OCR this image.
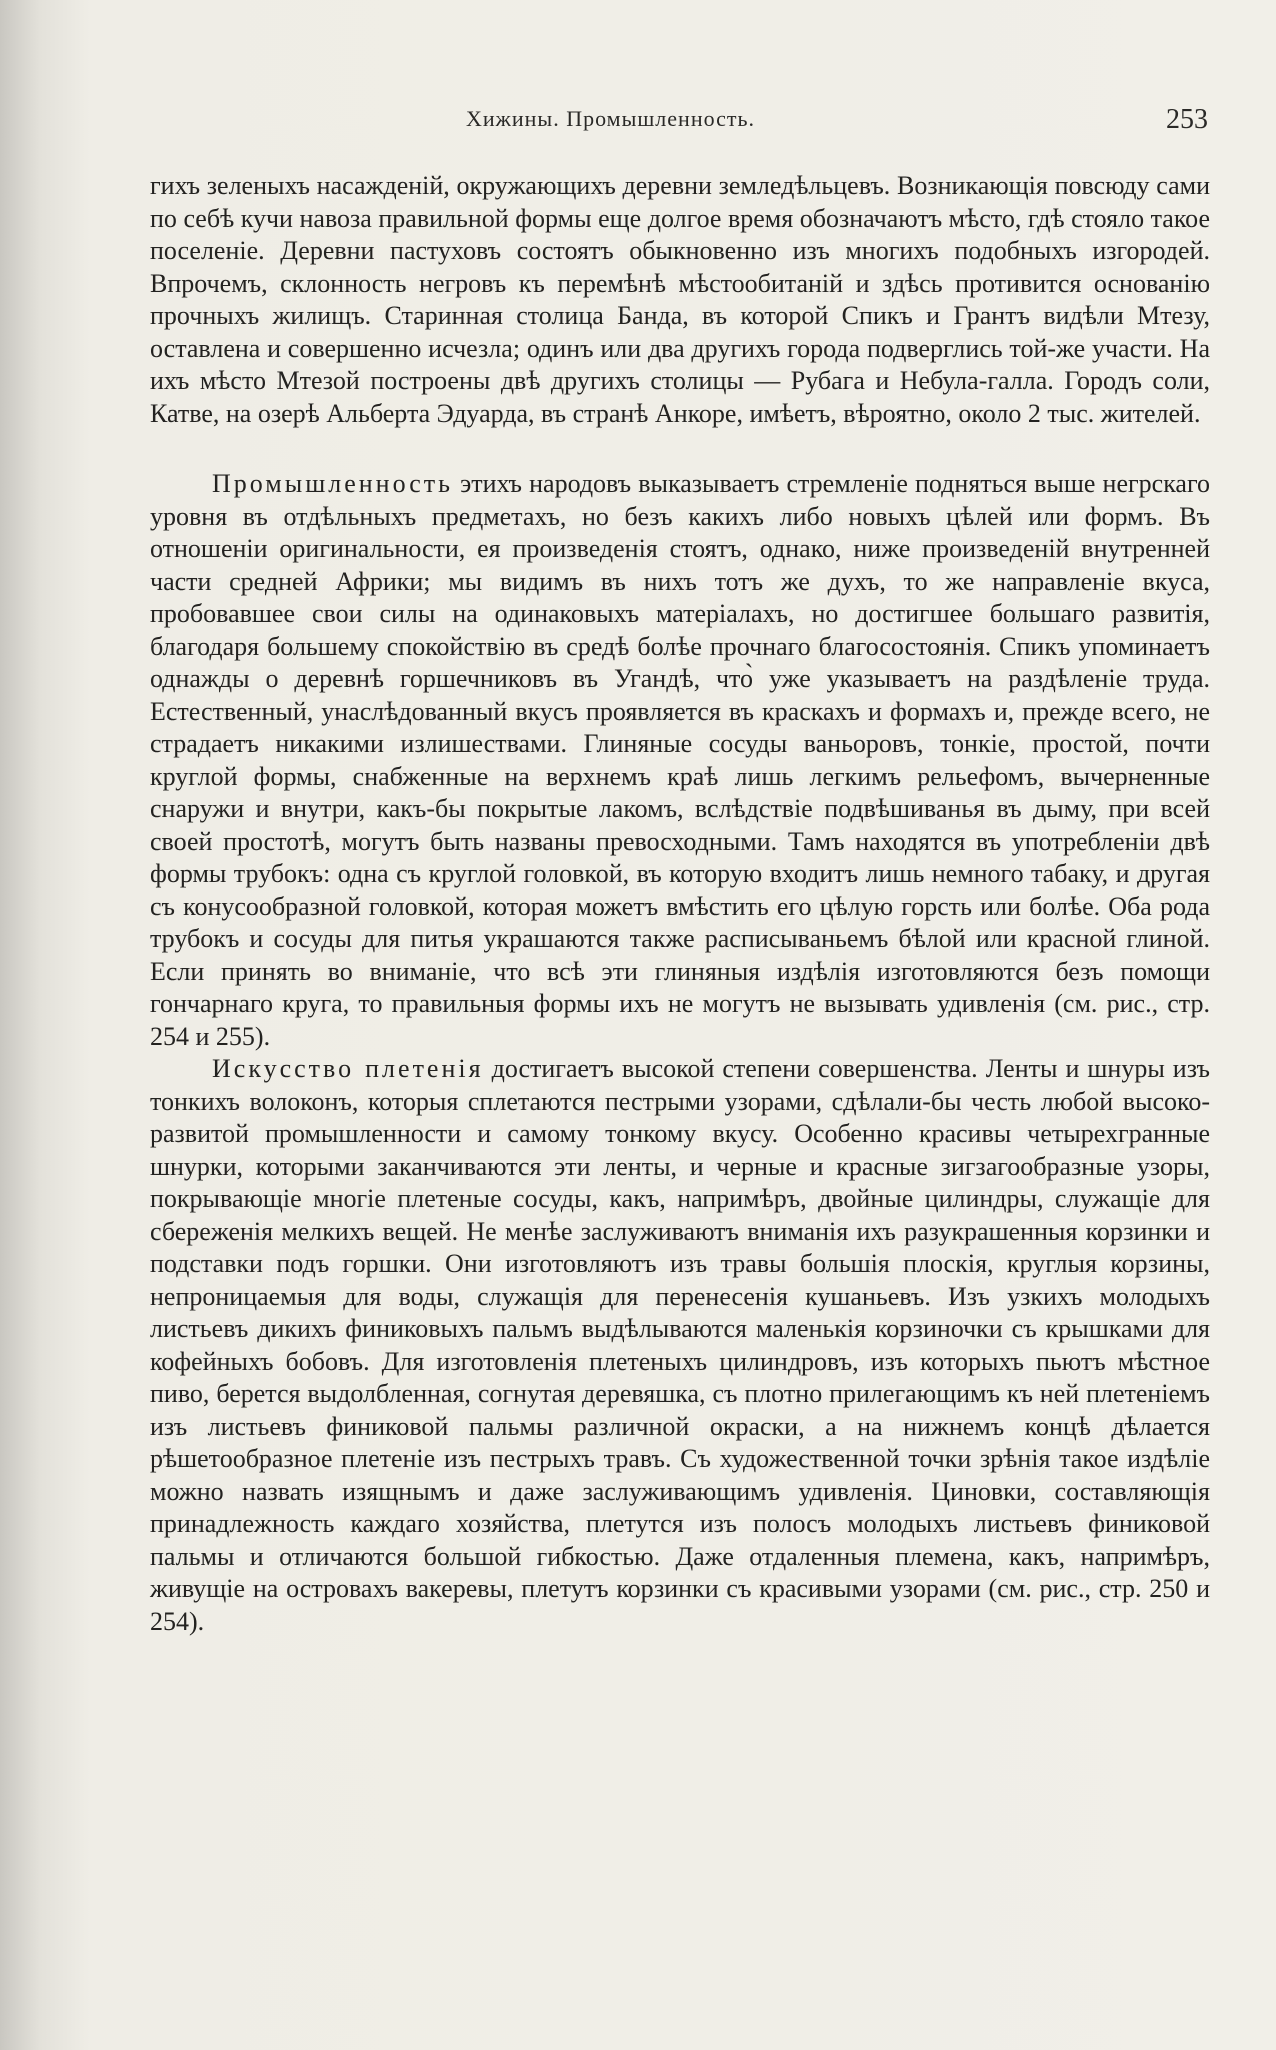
Хижины. Промышленность.	253

гихъ зеленыхъ насажденій, окружающихъ деревни земледѣльцевъ. Возникающія повсюду сами по себѣ кучи навоза правильной формы еще долгое время обозначаютъ мѣсто, гдѣ стояло такое поселеніе. Деревни пастуховъ состоятъ обыкновенно изъ многихъ подобныхъ изгородей. Впрочемъ, склонность негровъ къ перемѣнѣ мѣстообитаній и здѣсь противится основанію прочныхъ жилищъ. Старинная столица Банда, въ которой Спикъ и Грантъ видѣли Мтезу, оставлена и совершенно исчезла; одинъ или два другихъ города подверглись той-же участи. На ихъ мѣсто Мтезой построены двѣ другихъ столицы — Рубага и Небула-галла. Городъ соли, Катве, на озерѣ Альберта Эдуарда, въ странѣ Анкоре, имѣетъ, вѣроятно, около 2 тыс. жителей.

Промышленность этихъ народовъ выказываетъ стремленіе подняться выше негрскаго уровня въ отдѣльныхъ предметахъ, но безъ какихъ либо новыхъ цѣлей или формъ. Въ отношеніи оригинальности, ея произведенія стоятъ, однако, ниже произведеній внутренней части средней Африки; мы видимъ въ нихъ тотъ же духъ, то же направленіе вкуса, пробовавшее свои силы на одинаковыхъ матеріалахъ, но достигшее большаго развитія, благодаря большему спокойствію въ средѣ болѣе прочнаго благосостоянія. Спикъ упоминаетъ однажды о деревнѣ горшечниковъ въ Угандѣ, что̀ уже указываетъ на раздѣленіе труда. Естественный, унаслѣдованный вкусъ проявляется въ краскахъ и формахъ и, прежде всего, не страдаетъ никакими излишествами. Глиняные сосуды ваньоровъ, тонкіе, простой, почти круглой формы, снабженные на верхнемъ краѣ лишь легкимъ рельефомъ, вычерненные снаружи и внутри, какъ-бы покрытые лакомъ, вслѣдствіе подвѣшиванья въ дыму, при всей своей простотѣ, могутъ быть названы превосходными. Тамъ находятся въ употребленіи двѣ формы трубокъ: одна съ круглой головкой, въ которую входитъ лишь немного табаку, и другая съ конусообразной головкой, которая можетъ вмѣстить его цѣлую горсть или болѣе. Оба рода трубокъ и сосуды для питья украшаются также расписываньемъ бѣлой или красной глиной. Если принять во вниманіе, что всѣ эти глиняныя издѣлія изготовляются безъ помощи гончарнаго круга, то правильныя формы ихъ не могутъ не вызывать удивленія (см. рис., стр. 254 и 255).

Искусство плетенія достигаетъ высокой степени совершенства. Ленты и шнуры изъ тонкихъ волоконъ, которыя сплетаются пестрыми узорами, сдѣлали-бы честь любой высоко-развитой промышленности и самому тонкому вкусу. Особенно красивы четырехгранные шнурки, которыми заканчиваются эти ленты, и черные и красные зигзагообразные узоры, покрывающіе многіе плетеные сосуды, какъ, напримѣръ, двойные цилиндры, служащіе для сбереженія мелкихъ вещей. Не менѣе заслуживаютъ вниманія ихъ разукрашенныя корзинки и подставки подъ горшки. Они изготовляютъ изъ травы большія плоскія, круглыя корзины, непроницаемыя для воды, служащія для перенесенія кушаньевъ. Изъ узкихъ молодыхъ листьевъ дикихъ финиковыхъ пальмъ выдѣлываются маленькія корзиночки съ крышками для кофейныхъ бобовъ. Для изготовленія плетеныхъ цилиндровъ, изъ которыхъ пьютъ мѣстное пиво, берется выдолбленная, согнутая деревяшка, съ плотно прилегающимъ къ ней плетеніемъ изъ листьевъ финиковой пальмы различной окраски, а на нижнемъ концѣ дѣлается рѣшетообразное плетеніе изъ пестрыхъ травъ. Съ художественной точки зрѣнія такое издѣліе можно назвать изящнымъ и даже заслуживающимъ удивленія. Циновки, составляющія принадлежность каждаго хозяйства, плетутся изъ полосъ молодыхъ листьевъ финиковой пальмы и отличаются большой гибкостью. Даже отдаленныя племена, какъ, напримѣръ, живущіе на островахъ вакеревы, плетутъ корзинки съ красивыми узорами (см. рис., стр. 250 и 254).
